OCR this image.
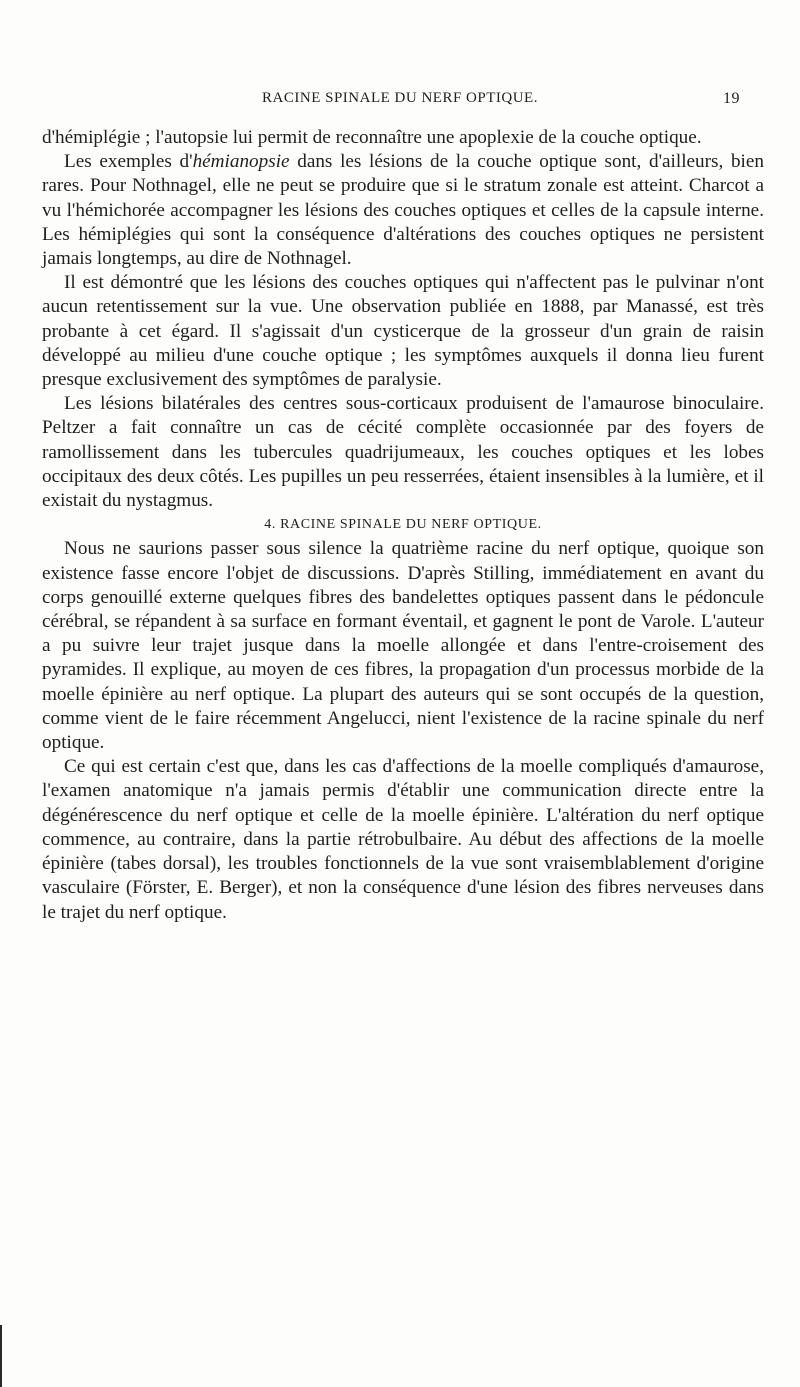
RACINE SPINALE DU NERF OPTIQUE.	19

d'hémiplégie ; l'autopsie lui permit de reconnaître une apoplexie de la couche optique.

Les exemples d'hémianopsie dans les lésions de la couche optique sont, d'ailleurs, bien rares. Pour Nothnagel, elle ne peut se produire que si le stratum zonale est atteint. Charcot a vu l'hémichorée accompagner les lésions des couches optiques et celles de la capsule interne. Les hémiplégies qui sont la conséquence d'altérations des couches optiques ne persistent jamais longtemps, au dire de Nothnagel.

Il est démontré que les lésions des couches optiques qui n'affectent pas le pulvinar n'ont aucun retentissement sur la vue. Une observation publiée en 1888, par Manassé, est très probante à cet égard. Il s'agissait d'un cysticerque de la grosseur d'un grain de raisin développé au milieu d'une couche optique ; les symptômes auxquels il donna lieu furent presque exclusivement des symptômes de paralysie.

Les lésions bilatérales des centres sous-corticaux produisent de l'amaurose binoculaire. Peltzer a fait connaître un cas de cécité complète occasionnée par des foyers de ramollissement dans les tubercules quadrijumeaux, les couches optiques et les lobes occipitaux des deux côtés. Les pupilles un peu resserrées, étaient insensibles à la lumière, et il existait du nystagmus.

4. RACINE SPINALE DU NERF OPTIQUE.

Nous ne saurions passer sous silence la quatrième racine du nerf optique, quoique son existence fasse encore l'objet de discussions. D'après Stilling, immédiatement en avant du corps genouillé externe quelques fibres des bandelettes optiques passent dans le pédoncule cérébral, se répandent à sa surface en formant éventail, et gagnent le pont de Varole. L'auteur a pu suivre leur trajet jusque dans la moelle allongée et dans l'entre-croisement des pyramides. Il explique, au moyen de ces fibres, la propagation d'un processus morbide de la moelle épinière au nerf optique. La plupart des auteurs qui se sont occupés de la question, comme vient de le faire récemment Angelucci, nient l'existence de la racine spinale du nerf optique.

Ce qui est certain c'est que, dans les cas d'affections de la moelle compliqués d'amaurose, l'examen anatomique n'a jamais permis d'établir une communication directe entre la dégénérescence du nerf optique et celle de la moelle épinière. L'altération du nerf optique commence, au contraire, dans la partie rétrobulbaire. Au début des affections de la moelle épinière (tabes dorsal), les troubles fonctionnels de la vue sont vraisemblablement d'origine vasculaire (Förster, E. Berger), et non la conséquence d'une lésion des fibres nerveuses dans le trajet du nerf optique.
